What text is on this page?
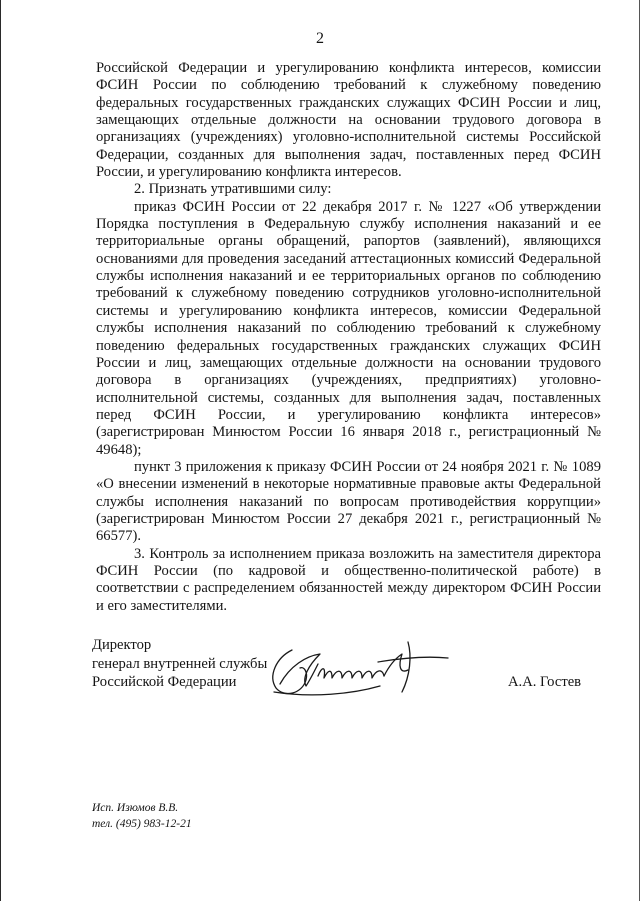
2

Российской Федерации и урегулированию конфликта интересов, комиссии ФСИН России по соблюдению требований к служебному поведению федеральных государственных гражданских служащих ФСИН России и лиц, замещающих отдельные должности на основании трудового договора в организациях (учреждениях) уголовно-исполнительной системы Российской Федерации, созданных для выполнения задач, поставленных перед ФСИН России, и урегулированию конфликта интересов.

2. Признать утратившими силу:

приказ ФСИН России от 22 декабря 2017 г. № 1227 «Об утверждении Порядка поступления в Федеральную службу исполнения наказаний и ее территориальные органы обращений, рапортов (заявлений), являющихся основаниями для проведения заседаний аттестационных комиссий Федеральной службы исполнения наказаний и ее территориальных органов по соблюдению требований к служебному поведению сотрудников уголовно-исполнительной системы и урегулированию конфликта интересов, комиссии Федеральной службы исполнения наказаний по соблюдению требований к служебному поведению федеральных государственных гражданских служащих ФСИН России и лиц, замещающих отдельные должности на основании трудового договора в организациях (учреждениях, предприятиях) уголовно-исполнительной системы, созданных для выполнения задач, поставленных перед ФСИН России, и урегулированию конфликта интересов» (зарегистрирован Минюстом России 16 января 2018 г., регистрационный № 49648);

пункт 3 приложения к приказу ФСИН России от 24 ноября 2021 г. № 1089 «О внесении изменений в некоторые нормативные правовые акты Федеральной службы исполнения наказаний по вопросам противодействия коррупции» (зарегистрирован Минюстом России 27 декабря 2021 г., регистрационный № 66577).

3. Контроль за исполнением приказа возложить на заместителя директора ФСИН России (по кадровой и общественно-политической работе) в соответствии с распределением обязанностей между директором ФСИН России и его заместителями.

Директор
генерал внутренней службы
Российской Федерации	А.А. Гостев
Исп. Изюмов В.В.
тел. (495) 983-12-21
